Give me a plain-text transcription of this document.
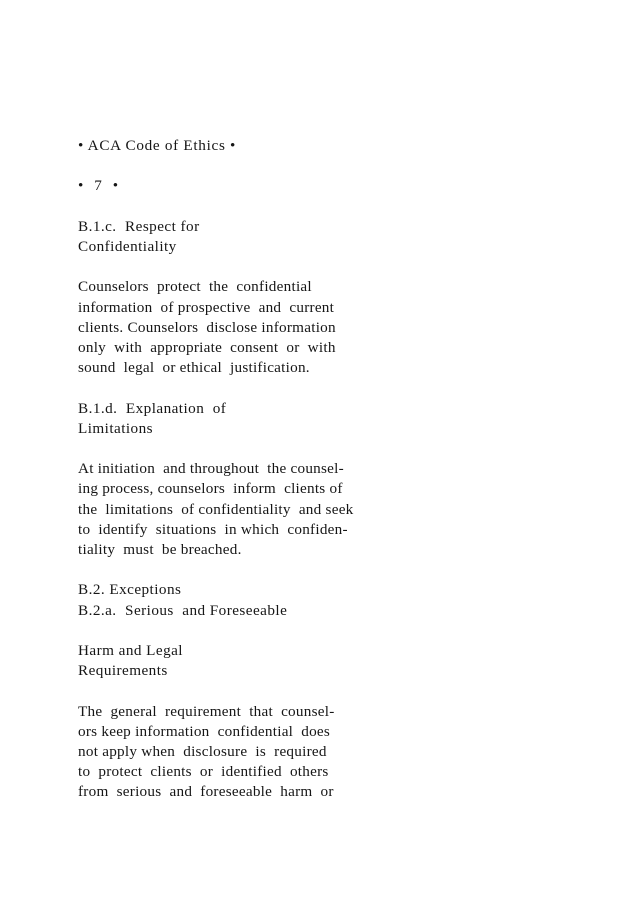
• ACA Code of Ethics •
•  7  •
B.1.c.  Respect for
Confidentiality
Counselors  protect  the  confidential
information  of prospective  and  current
clients. Counselors  disclose information
only  with  appropriate  consent  or  with
sound  legal  or ethical  justification.
B.1.d.  Explanation  of
Limitations
At initiation  and throughout  the counsel-
ing process, counselors  inform  clients of
the  limitations  of confidentiality  and seek
to  identify  situations  in which  confiden-
tiality  must  be breached.
B.2. Exceptions
B.2.a.  Serious  and Foreseeable
Harm and Legal
Requirements
The  general  requirement  that  counsel-
ors keep information  confidential  does
not apply when  disclosure  is  required
to  protect  clients  or  identified  others
from  serious  and  foreseeable  harm  or
